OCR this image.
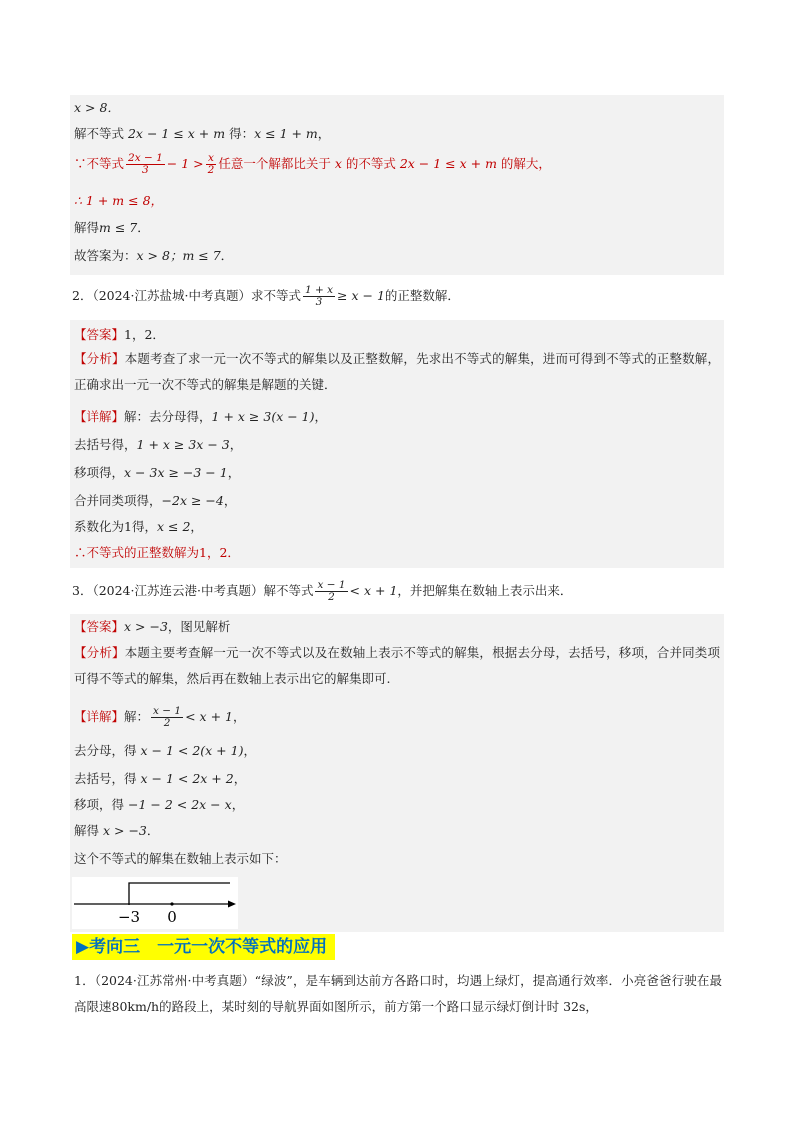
x > 8．
解不等式 2x − 1 ≤ x + m 得：x ≤ 1 + m，
∵不等式 $\frac{2x - 1}{3} - 1 > \frac{x}{2}$ 任意一个解都比关于 x 的不等式 2x − 1 ≤ x + m 的解大，
∴ 1 + m ≤ 8，
解得m ≤ 7．
故答案为：x > 8；m ≤ 7．
2．（2024·江苏盐城·中考真题）求不等式 $\frac{1 + x}{3} \ge x - 1$的正整数解．
【答案】1，2．
【分析】本题考查了求一元一次不等式的解集以及正整数解，先求出不等式的解集，进而可得到不等式的正整数解，正确求出一元一次不等式的解集是解题的关键．
【详解】解：去分母得，1 + x ≥ 3(x − 1)，
去括号得，1 + x ≥ 3x − 3，
移项得，x − 3x ≥ −3 − 1，
合并同类项得，−2x ≥ −4，
系数化为1得，x ≤ 2，
∴不等式的正整数解为1，2．
3．（2024·江苏连云港·中考真题）解不等式 $\frac{x - 1}{2} < x + 1$，并把解集在数轴上表示出来．
【答案】x > −3，图见解析
【分析】本题主要考查解一元一次不等式以及在数轴上表示不等式的解集，根据去分母，去括号，移项，合并同类项可得不等式的解集，然后再在数轴上表示出它的解集即可.
【详解】解： $\frac{x - 1}{2} < x + 1$，
去分母，得 x − 1 < 2(x + 1)，
去括号，得 x − 1 < 2x + 2，
移项，得 −1 − 2 < 2x − x，
解得 x > −3．
这个不等式的解集在数轴上表示如下：
−3 0
▶考向三　一元一次不等式的应用
1．（2024·江苏常州·中考真题）“绿波”，是车辆到达前方各路口时，均遇上绿灯，提高通行效率．小亮爸爸行驶在最高限速80km/h的路段上，某时刻的导航界面如图所示，前方第一个路口显示绿灯倒计时 32s，
